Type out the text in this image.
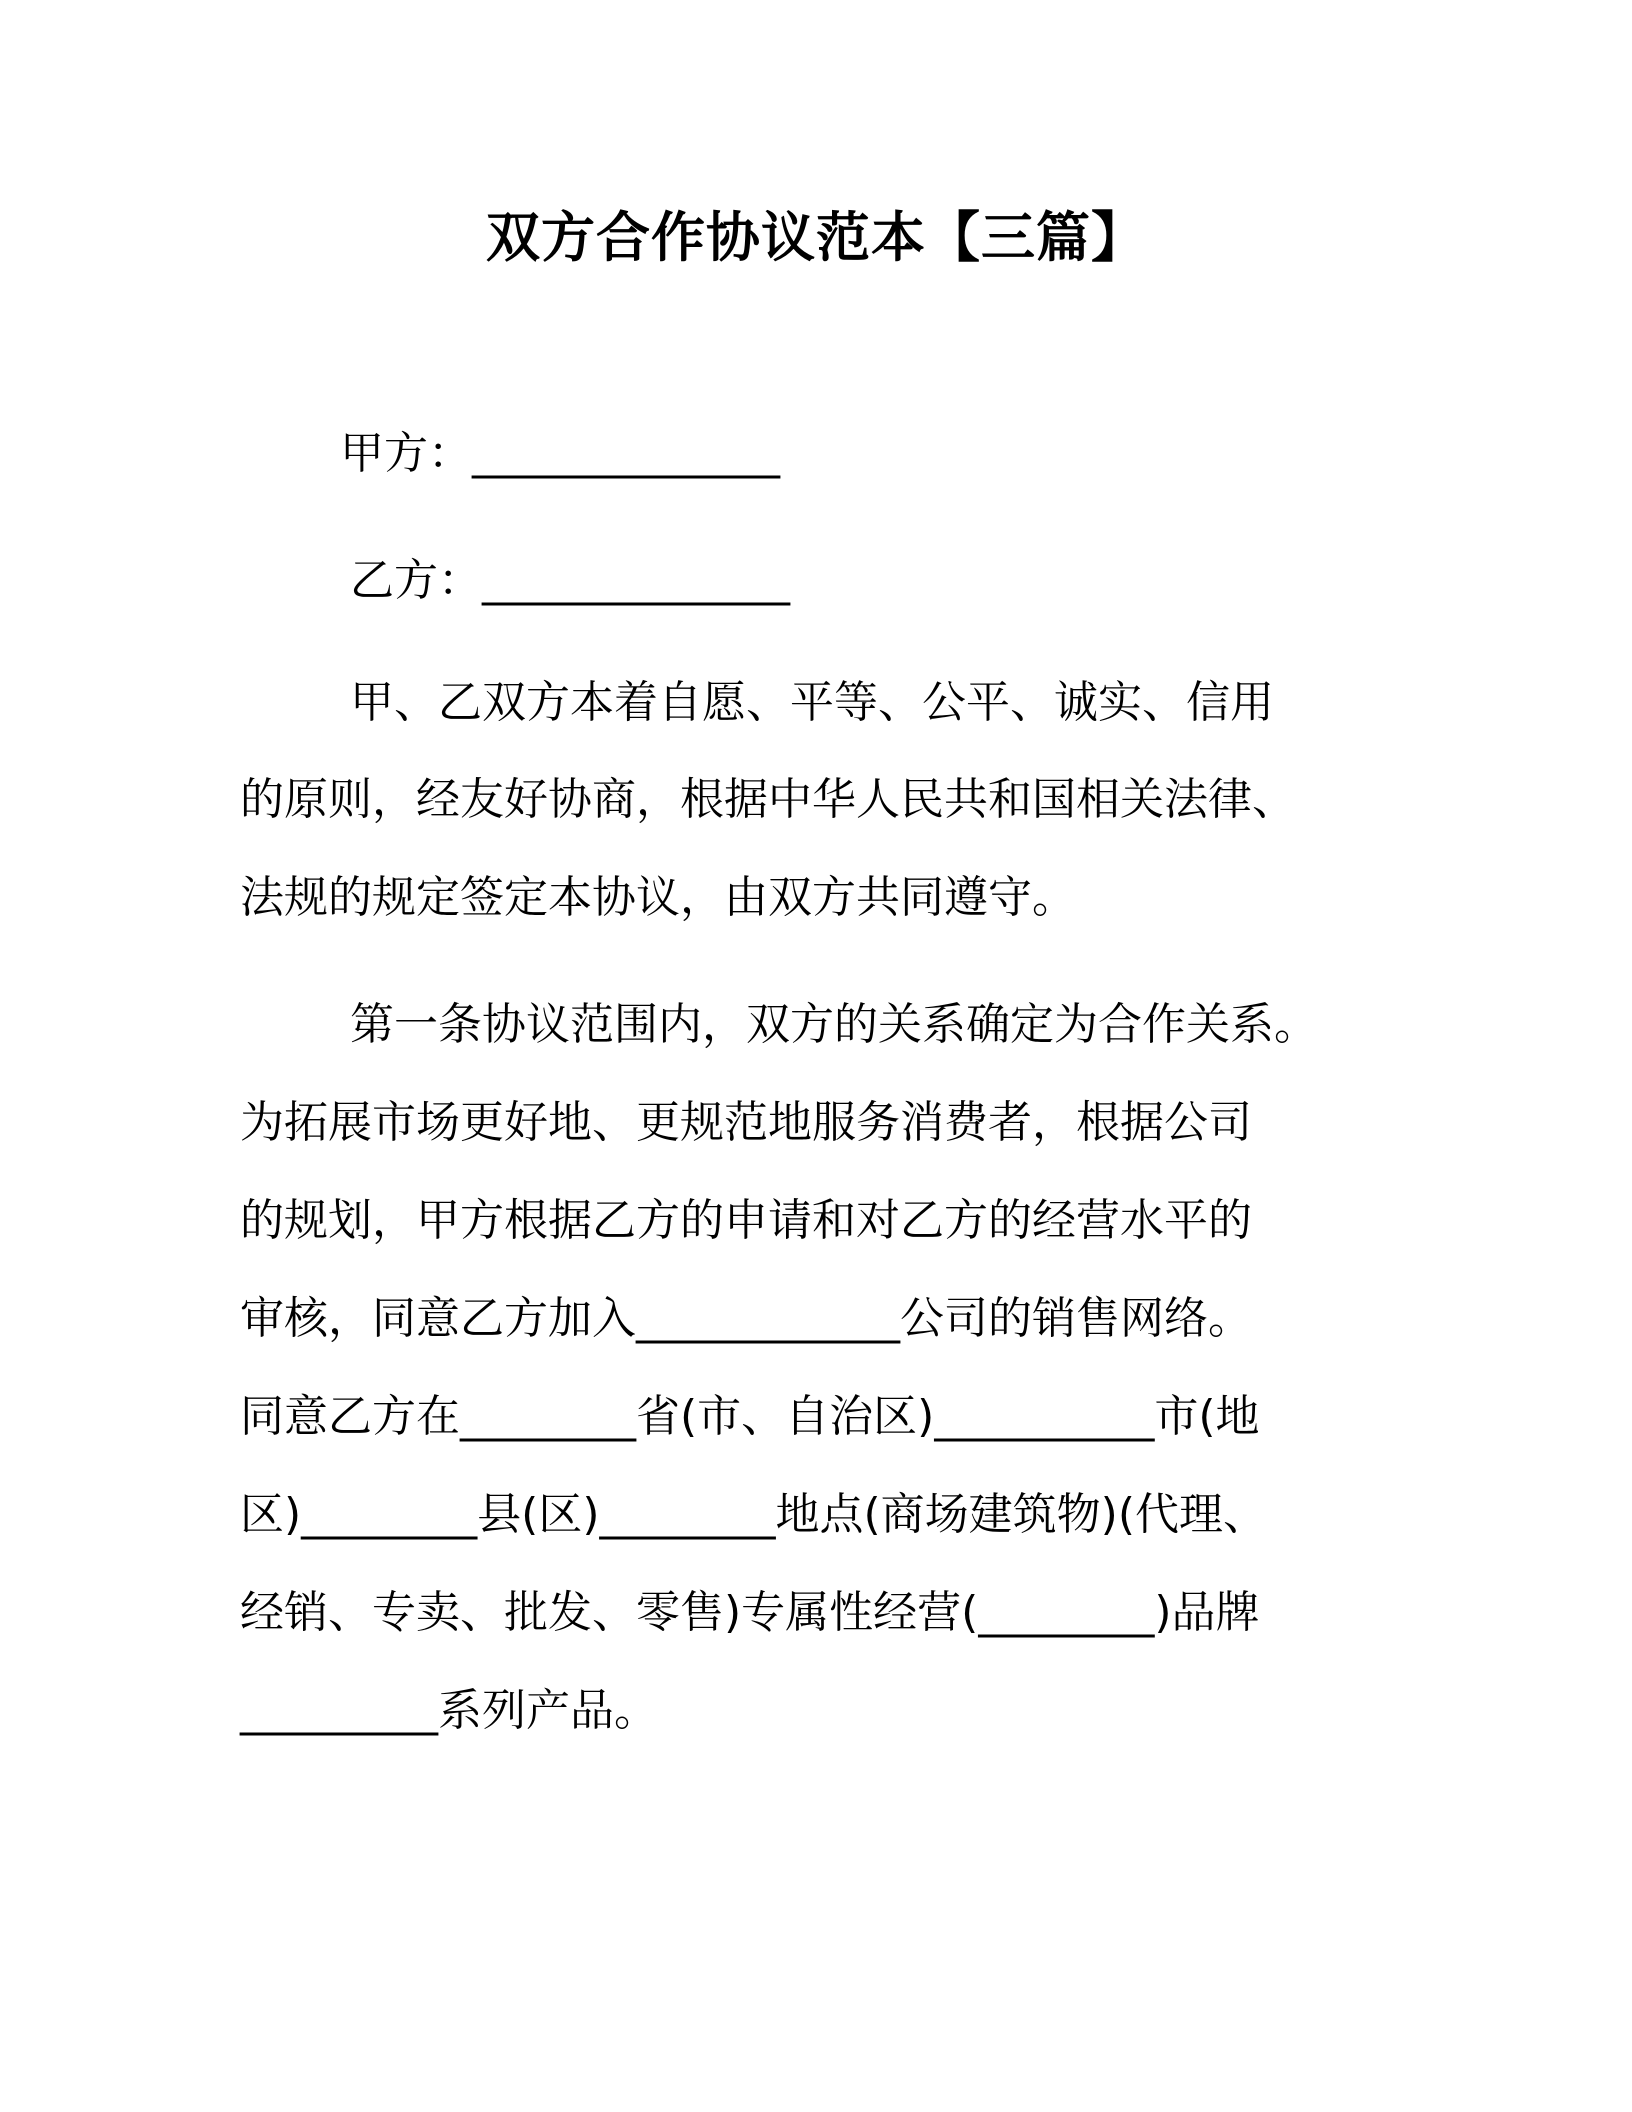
双方合作协议范本【三篇】
甲方：______________
乙方：______________
甲、乙双方本着自愿、平等、公平、诚实、信用
的原则，经友好协商，根据中华人民共和国相关法律、
法规的规定签定本协议，由双方共同遵守。
第一条协议范围内，双方的关系确定为合作关系。
为拓展市场更好地、更规范地服务消费者，根据公司
的规划，甲方根据乙方的申请和对乙方的经营水平的
审核，同意乙方加入____________公司的销售网络。
同意乙方在________省(市、自治区)__________市(地
区)________县(区)________地点(商场建筑物)(代理、
经销、专卖、批发、零售)专属性经营(________)品牌
_________系列产品。
